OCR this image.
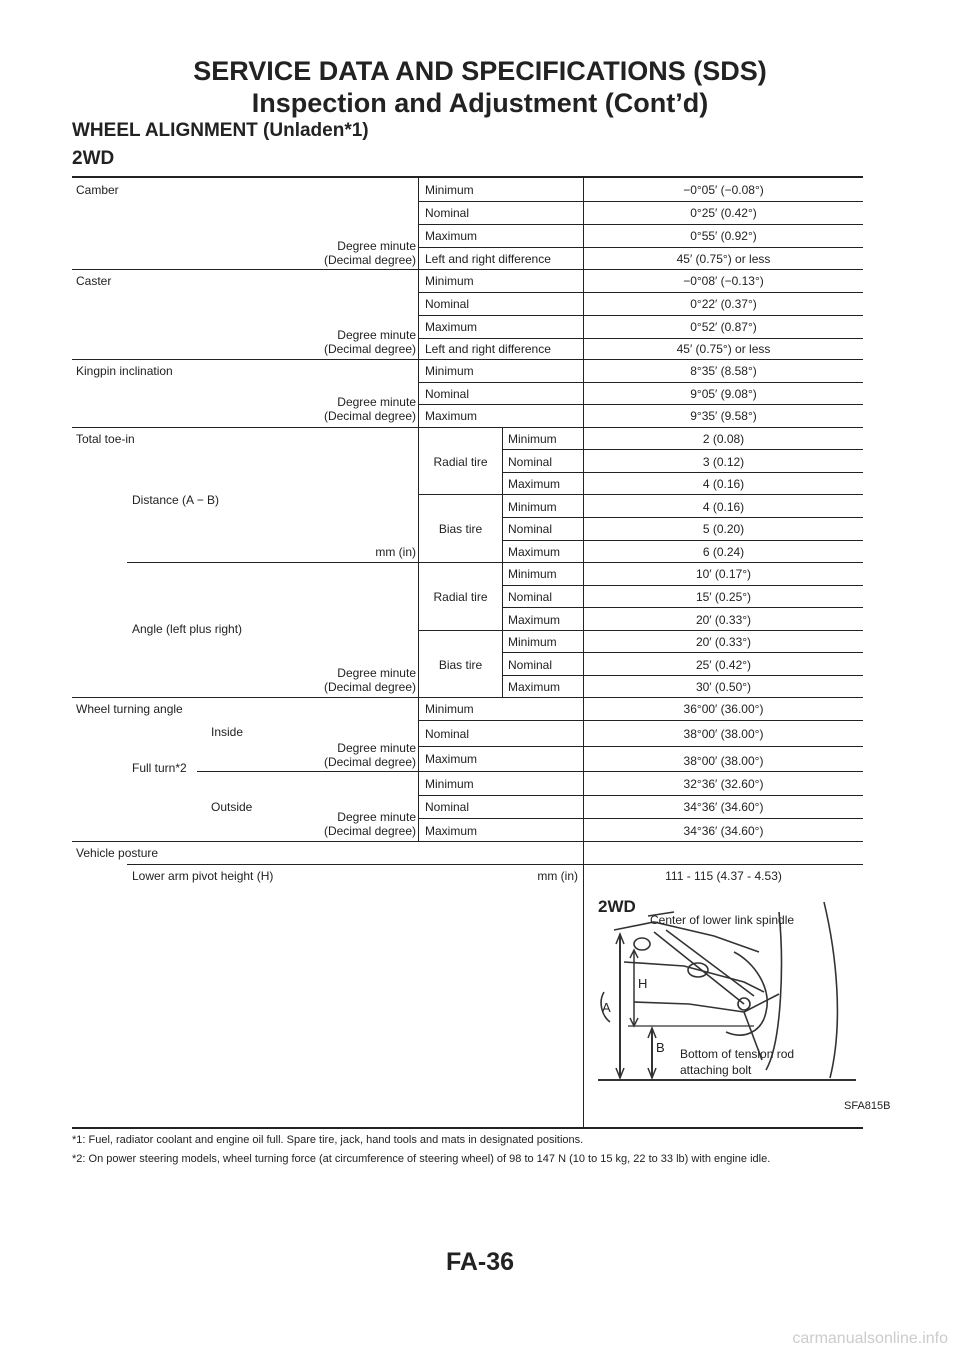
SERVICE DATA AND SPECIFICATIONS (SDS)
Inspection and Adjustment (Cont’d)
WHEEL ALIGNMENT (Unladen*1)
2WD
Camber
Degree minute
(Decimal degree)
Minimum
Nominal
Maximum
Left and right difference
−0°05′ (−0.08°)
0°25′ (0.42°)
0°55′ (0.92°)
45′ (0.75°) or less
Caster
Degree minute
(Decimal degree)
Minimum
Nominal
Maximum
Left and right difference
−0°08′ (−0.13°)
0°22′ (0.37°)
0°52′ (0.87°)
45′ (0.75°) or less
Kingpin inclination
Degree minute
(Decimal degree)
Minimum
Nominal
Maximum
8°35′ (8.58°)
9°05′ (9.08°)
9°35′ (9.58°)
Total toe-in
Distance (A − B)
mm (in)
Radial tire
Bias tire
Minimum
Nominal
Maximum
Minimum
Nominal
Maximum
2 (0.08)
3 (0.12)
4 (0.16)
4 (0.16)
5 (0.20)
6 (0.24)
Angle (left plus right)
Degree minute
(Decimal degree)
Radial tire
Bias tire
Minimum
Nominal
Maximum
Minimum
Nominal
Maximum
10′ (0.17°)
15′ (0.25°)
20′ (0.33°)
20′ (0.33°)
25′ (0.42°)
30′ (0.50°)
Wheel turning angle
Full turn*2
Inside
Outside
Degree minute
(Decimal degree)
Degree minute
(Decimal degree)
Minimum
Nominal
Maximum
Minimum
Nominal
Maximum
36°00′ (36.00°)
38°00′ (38.00°)
38°00′ (38.00°)
32°36′ (32.60°)
34°36′ (34.60°)
34°36′ (34.60°)
Vehicle posture
Lower arm pivot height (H)	mm (in)	111 - 115 (4.37 - 4.53)
2WD
Center of lower link spindle
Bottom of tension rod
attaching bolt
A
H
B
SFA815B
*1: Fuel, radiator coolant and engine oil full. Spare tire, jack, hand tools and mats in designated positions.
*2: On power steering models, wheel turning force (at circumference of steering wheel) of 98 to 147 N (10 to 15 kg, 22 to 33 lb) with engine idle.
FA-36
carmanualsonline.info
